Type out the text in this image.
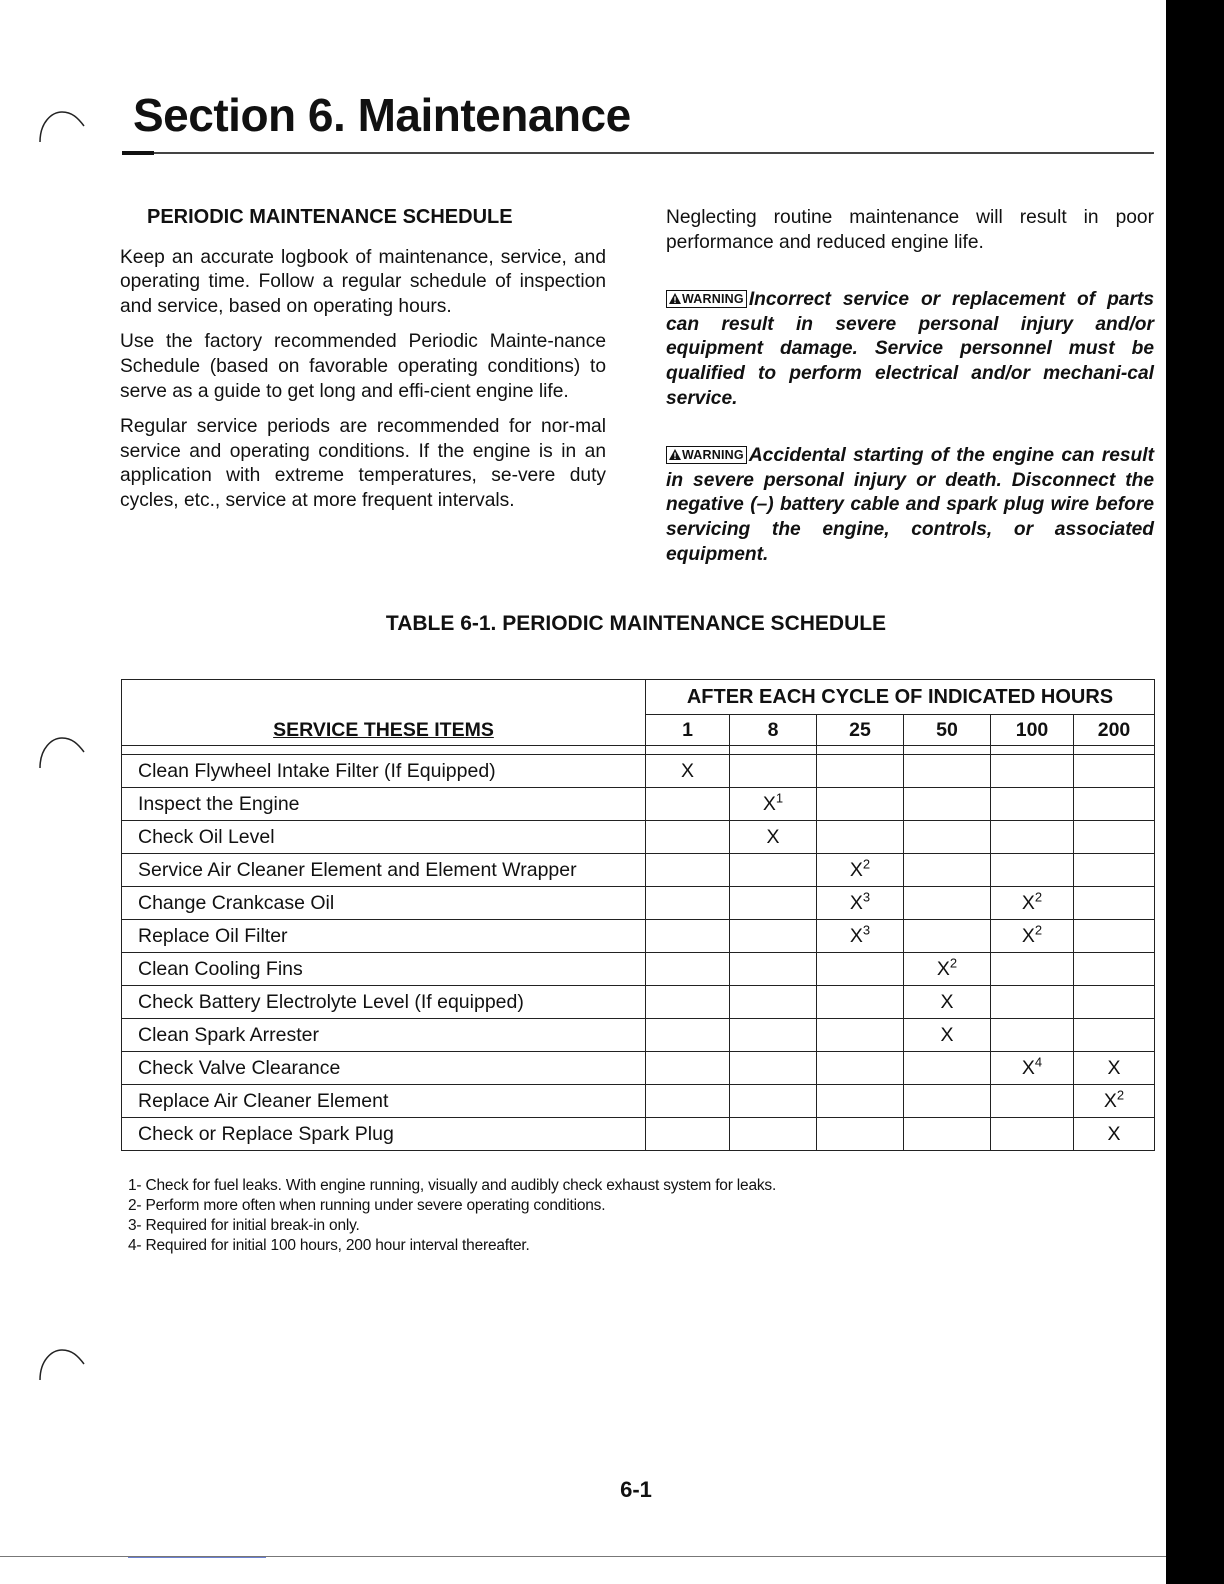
Section 6. Maintenance

PERIODIC MAINTENANCE SCHEDULE

Keep an accurate logbook of maintenance, service, and operating time. Follow a regular schedule of inspection and service, based on operating hours.

Use the factory recommended Periodic Mainte-nance Schedule (based on favorable operating conditions) to serve as a guide to get long and effi-cient engine life.

Regular service periods are recommended for nor-mal service and operating conditions. If the engine is in an application with extreme temperatures, se-vere duty cycles, etc., service at more frequent intervals.

Neglecting routine maintenance will result in poor performance and reduced engine life.

WARNING Incorrect service or replacement of parts can result in severe personal injury and/or equipment damage. Service personnel must be qualified to perform electrical and/or mechani-cal service.

WARNING Accidental starting of the engine can result in severe personal injury or death. Disconnect the negative (–) battery cable and spark plug wire before servicing the engine, controls, or associated equipment.

TABLE 6-1. PERIODIC MAINTENANCE SCHEDULE

SERVICE THESE ITEMS	AFTER EACH CYCLE OF INDICATED HOURS					
	1	8	25	50	100	200

Clean Flywheel Intake Filter (If Equipped)	X					
Inspect the Engine		$X^1$				
Check Oil Level		X				
Service Air Cleaner Element and Element Wrapper			$X^2$			
Change Crankcase Oil			$X^3$		$X^2$	
Replace Oil Filter			$X^3$		$X^2$	
Clean Cooling Fins				$X^2$		
Check Battery Electrolyte Level (If equipped)				X		
Clean Spark Arrester				X		
Check Valve Clearance					$X^4$	X
Replace Air Cleaner Element						$X^2$
Check or Replace Spark Plug						X
1- Check for fuel leaks. With engine running, visually and audibly check exhaust system for leaks.
2- Perform more often when running under severe operating conditions.
3- Required for initial break-in only.
4- Required for initial 100 hours, 200 hour interval thereafter.

6-1
